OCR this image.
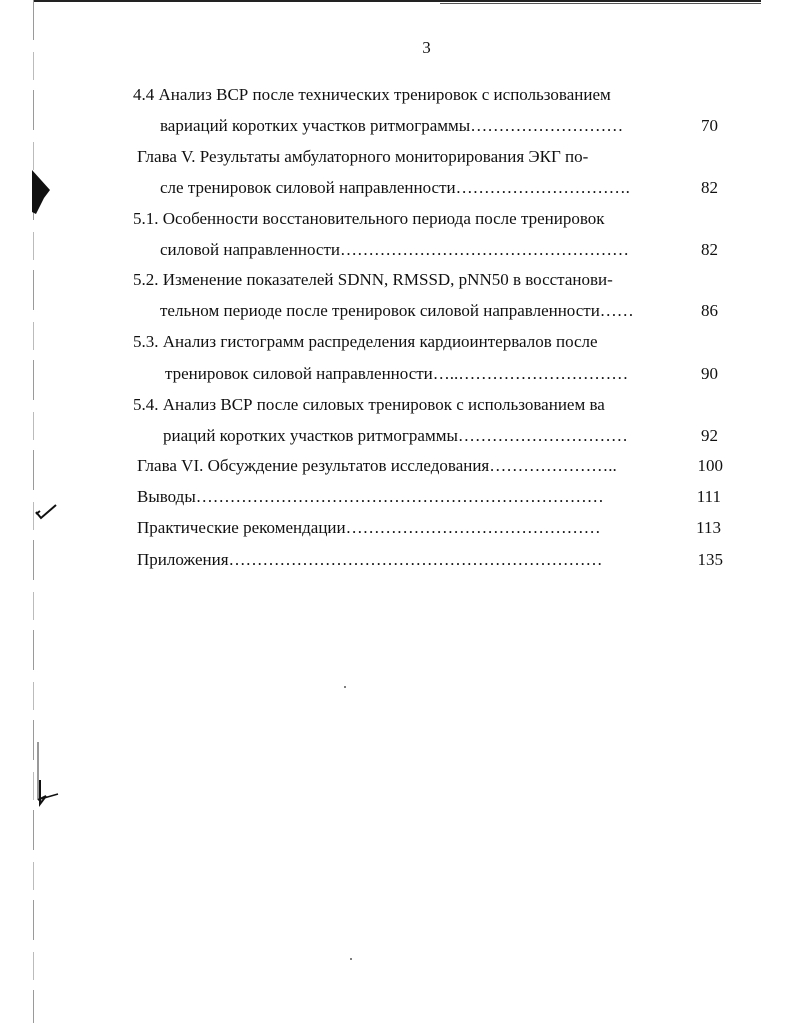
3
4.4 Анализ ВСР после технических тренировок с использованием
вариаций коротких участков ритмограммы………………………	70
Глава V. Результаты амбулаторного мониторирования ЭКГ по-
сле тренировок силовой направленности………………………….	82
5.1. Особенности восстановительного периода после тренировок
силовой направленности……………………………………………	82
5.2. Изменение показателей SDNN, RMSSD, pNN50 в восстанови-
тельном периоде после тренировок силовой направленности……	86
5.3. Анализ гистограмм распределения кардиоинтервалов после
тренировок силовой направленности…..…………………………	90
5.4. Анализ ВСР после силовых тренировок с использованием ва
риаций коротких участков ритмограммы…………………………	92
Глава VI. Обсуждение результатов исследования…………………..	100
Выводы………………………………………………………………	111
Практические рекомендации………………………………………	113
Приложения…………………………………………………………	135
